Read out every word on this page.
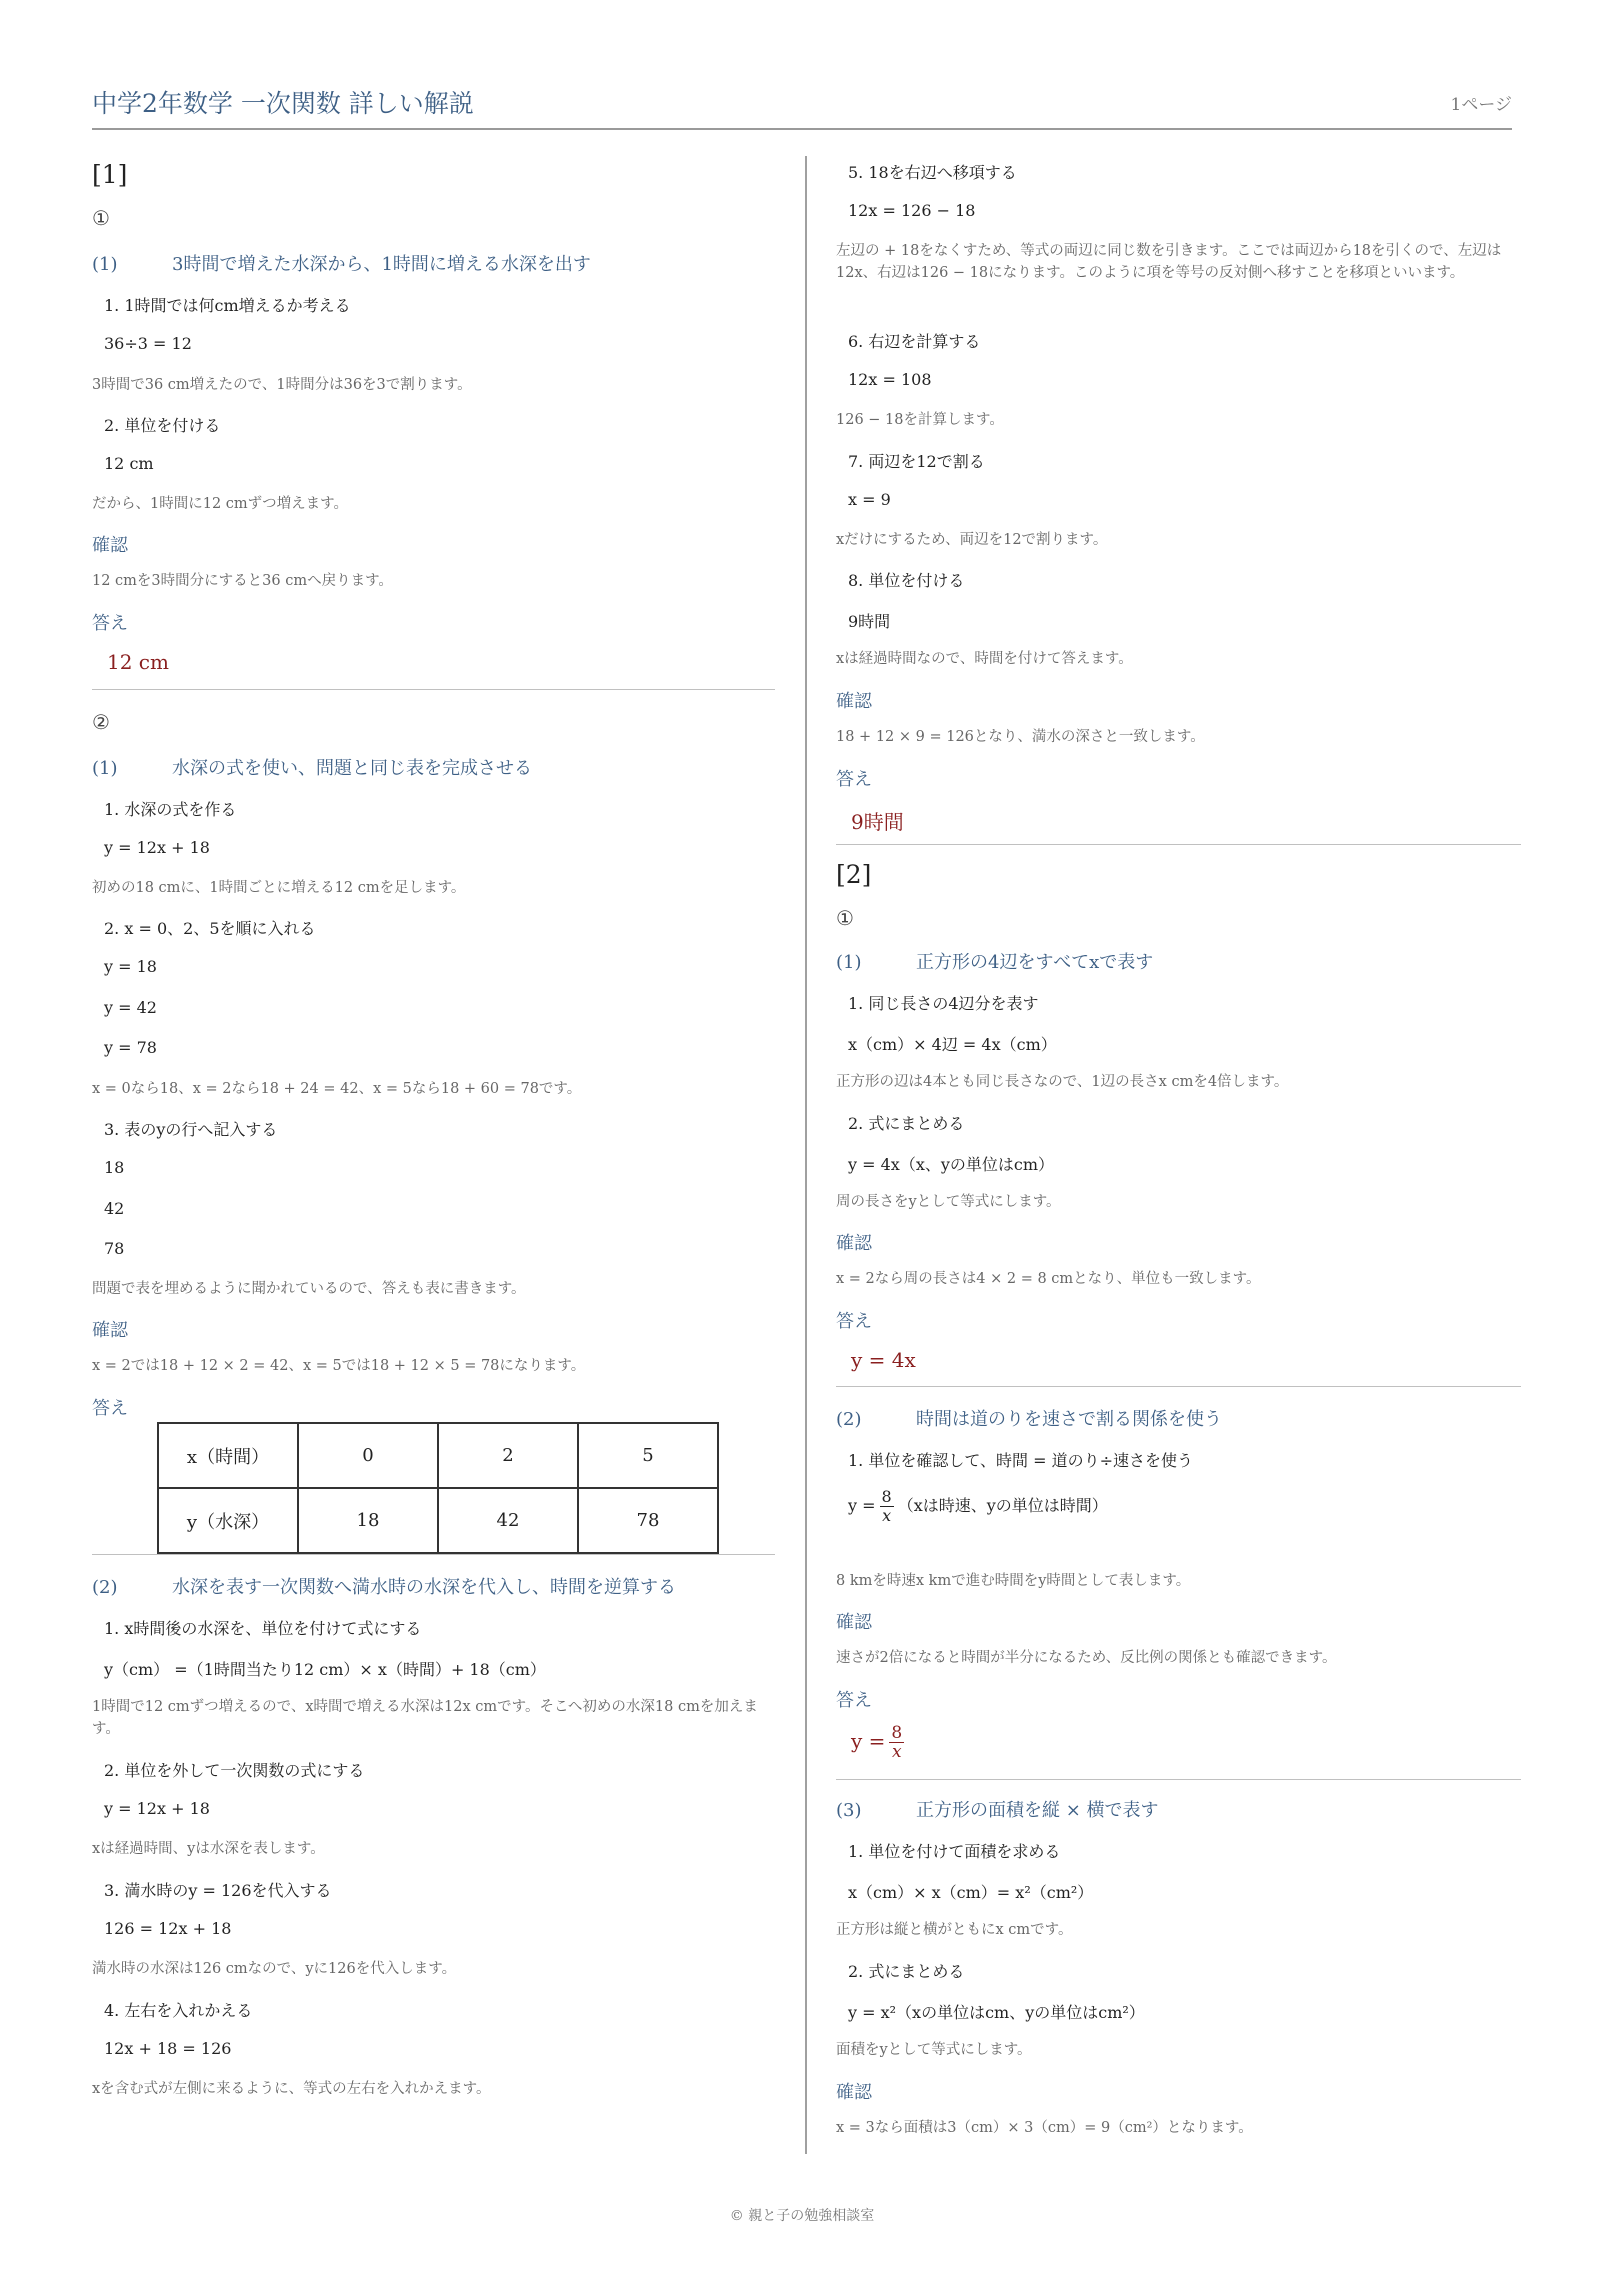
中学2年数学 一次関数 詳しい解説	1ページ
[1]
①
(1)	3時間で増えた水深から、1時間に増える水深を出す
1. 1時間では何cm増えるか考える
36÷3 = 12
3時間で36 cm増えたので、1時間分は36を3で割ります。
2. 単位を付ける
12 cm
だから、1時間に12 cmずつ増えます。
確認
12 cmを3時間分にすると36 cmへ戻ります。
答え
12 cm
②
(1)	水深の式を使い、問題と同じ表を完成させる
1. 水深の式を作る
y = 12x + 18
初めの18 cmに、1時間ごとに増える12 cmを足します。
2. x = 0、2、5を順に入れる
y = 18
y = 42
y = 78
x = 0なら18、x = 2なら18 + 24 = 42、x = 5なら18 + 60 = 78です。
3. 表のyの行へ記入する
18
42
78
問題で表を埋めるように聞かれているので、答えも表に書きます。
確認
x = 2では18 + 12 × 2 = 42、x = 5では18 + 12 × 5 = 78になります。
答え
x（時間）	0	2	5
y（水深）	18	42	78
(2)	水深を表す一次関数へ満水時の水深を代入し、時間を逆算する
1. x時間後の水深を、単位を付けて式にする
y（cm） =（1時間当たり12 cm）× x（時間）+ 18（cm）
1時間で12 cmずつ増えるので、x時間で増える水深は12x cmです。そこへ初めの水深18 cmを加えます。
2. 単位を外して一次関数の式にする
y = 12x + 18
xは経過時間、yは水深を表します。
3. 満水時のy = 126を代入する
126 = 12x + 18
満水時の水深は126 cmなので、yに126を代入します。
4. 左右を入れかえる
12x + 18 = 126
xを含む式が左側に来るように、等式の左右を入れかえます。
5. 18を右辺へ移項する
12x = 126 − 18
左辺の + 18をなくすため、等式の両辺に同じ数を引きます。ここでは両辺から18を引くので、左辺は12x、右辺は126 − 18になります。このように項を等号の反対側へ移すことを移項といいます。
6. 右辺を計算する
12x = 108
126 − 18を計算します。
7. 両辺を12で割る
x = 9
xだけにするため、両辺を12で割ります。
8. 単位を付ける
9時間
xは経過時間なので、時間を付けて答えます。
確認
18 + 12 × 9 = 126となり、満水の深さと一致します。
答え
9時間
[2]
①
(1)	正方形の4辺をすべてxで表す
1. 同じ長さの4辺分を表す
x（cm）× 4辺 = 4x（cm）
正方形の辺は4本とも同じ長さなので、1辺の長さx cmを4倍します。
2. 式にまとめる
y = 4x（x、yの単位はcm）
周の長さをyとして等式にします。
確認
x = 2なら周の長さは4 × 2 = 8 cmとなり、単位も一致します。
答え
y = 4x
(2)	時間は道のりを速さで割る関係を使う
1. 単位を確認して、時間 = 道のり÷速さを使う
$y = \frac{8}{x} (x$は時速、yの単位は時間）
8 kmを時速x kmで進む時間をy時間として表します。
確認
速さが2倍になると時間が半分になるため、反比例の関係とも確認できます。
答え
$y = \frac{8}{x}$
(3)	正方形の面積を縦 × 横で表す
1. 単位を付けて面積を求める
x（cm）× x（cm）= x²（cm²）
正方形は縦と横がともにx cmです。
2. 式にまとめる
y = x²（xの単位はcm、yの単位はcm²）
面積をyとして等式にします。
確認
x = 3なら面積は3（cm）× 3（cm）= 9（cm²）となります。
© 親と子の勉強相談室
